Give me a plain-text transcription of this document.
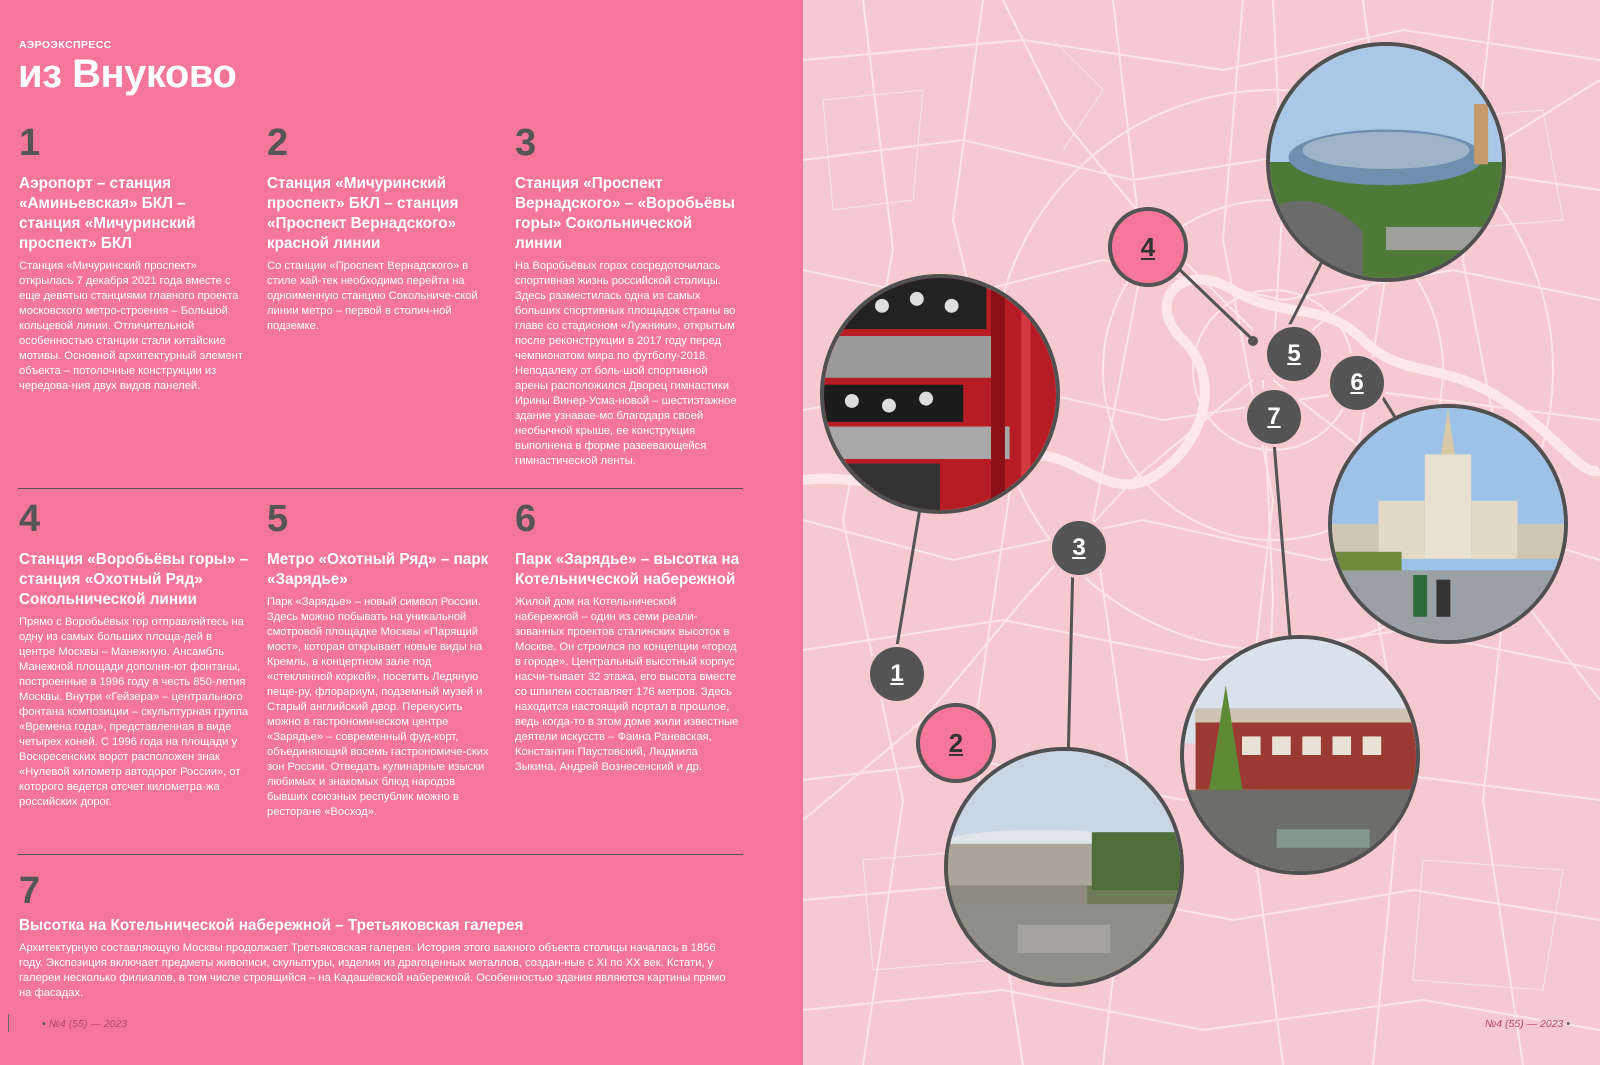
АЭРОЭКСПРЕСС
из Внуково
1
Аэропорт – станция «Аминьевская» БКЛ – станция «Мичуринский проспект» БКЛ
Станция «Мичуринский проспект» открылась 7 декабря 2021 года вместе с еще девятью станциями главного проекта московского метро-строения – Большой кольцевой линии. Отличительной особенностью станции стали китайские мотивы. Основной архитектурный элемент объекта – потолочные конструкции из чередова-ния двух видов панелей.
2
Станция «Мичуринский проспект» БКЛ – станция «Проспект Вернадского» красной линии
Со станции «Проспект Вернадского» в стиле хай-тек необходимо перейти на одноименную станцию Сокольниче-ской линии метро – первой в столич-ной подземке.
3
Станция «Проспект Вернадского» – «Воробьёвы горы» Сокольнической линии
На Воробьёвых горах сосредоточилась спортивная жизнь российской столицы. Здесь разместилась одна из самых больших спортивных площадок страны во главе со стадионом «Лужники», открытым после реконструкции в 2017 году перед чемпионатом мира по футболу-2018. Неподалеку от боль-шой спортивной арены расположился Дворец гимнастики Ирины Винер-Усма-новой – шестиэтажное здание узнавае-мо благодаря своей необычной крыше, ее конструкция выполнена в форме развевающейся гимнастической ленты.
4
Станция «Воробьёвы горы» – станция «Охотный Ряд» Сокольнической линии
Прямо с Воробьёвых гор отправляйтесь на одну из самых больших площа-дей в центре Москвы – Манежную. Ансамбль Манежной площади дополня-ют фонтаны, построенные в 1996 году в честь 850-летия Москвы. Внутри «Гейзера» – центрального фонтана композиции – скульптурная группа «Времена года», представленная в виде четырех коней. С 1996 года на площади у Воскресенских ворот расположен знак «Нулевой километр автодорог России», от которого ведется отсчет километра-жа российских дорог.
5
Метро «Охотный Ряд» – парк «Зарядье»
Парк «Зарядье» – новый символ России. Здесь можно побывать на уникальной смотровой площадке Москвы «Парящий мост», которая открывает новые виды на Кремль, в концертном зале под «стеклянной коркой», посетить Ледяную пеще-ру, флорариум, подземный музей и Старый английский двор. Перекусить можно в гастрономическом центре «Зарядье» – современный фуд-корт, объединяющий восемь гастрономиче-ских зон России. Отведать кулинарные изыски любимых и знакомых блюд народов бывших союзных республик можно в ресторане «Восход».
6
Парк «Зарядье» – высотка на Котельнической набережной
Жилой дом на Котельнической набережной – один из семи реали-зованных проектов сталинских высоток в Москве. Он строился по концепции «город в городе». Центральный высотный корпус насчи-тывает 32 этажа, его высота вместе со шпилем составляет 176 метров. Здесь находится настоящий портал в прошлое, ведь когда-то в этом доме жили известные деятели искусств – Фаина Раневская, Константин Паустовский, Людмила Зыкина, Андрей Вознесенский и др.
7
Высотка на Котельнической набережной – Третьяковская галерея
Архитектурную составляющую Москвы продолжает Третьяковская галерея. История этого важного объекта столицы началась в 1856 году. Экспозиция включает предметы живописи, скульптуры, изделия из драгоценных металлов, создан-ные с XI по XX век. Кстати, у галереи несколько филиалов, в том числе строящийся – на Кадашёвской набережной. Особенностью здания являются картины прямо на фасадах.
• №4 (55) — 2023
1
2
3
4
5
6
7
№4 (55) — 2023 •
